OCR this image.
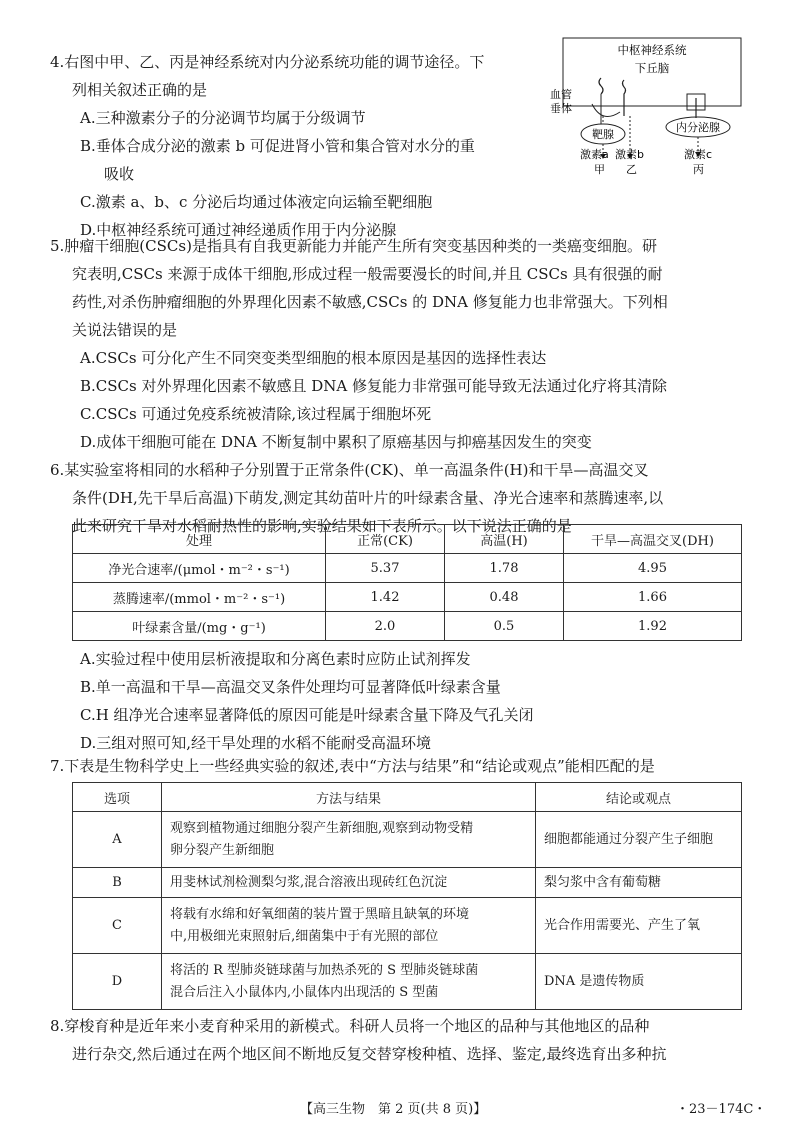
4.右图中甲、乙、丙是神经系统对内分泌系统功能的调节途径。下

列相关叙述正确的是

A.三种激素分子的分泌调节均属于分级调节

B.垂体合成分泌的激素 b 可促进肾小管和集合管对水分的重

吸收

C.激素 a、b、c 分泌后均通过体液定向运输至靶细胞

D.中枢神经系统可通过神经递质作用于内分泌腺

中枢神经系统
下丘脑
血管
垂体
靶腺
激素a
甲
激素b
乙
内分泌腺
激素c
丙

5.肿瘤干细胞(CSCs)是指具有自我更新能力并能产生所有突变基因种类的一类癌变细胞。研

究表明,CSCs 来源于成体干细胞,形成过程一般需要漫长的时间,并且 CSCs 具有很强的耐

药性,对杀伤肿瘤细胞的外界理化因素不敏感,CSCs 的 DNA 修复能力也非常强大。下列相

关说法错误的是

A.CSCs 可分化产生不同突变类型细胞的根本原因是基因的选择性表达

B.CSCs 对外界理化因素不敏感且 DNA 修复能力非常强可能导致无法通过化疗将其清除

C.CSCs 可通过免疫系统被清除,该过程属于细胞坏死

D.成体干细胞可能在 DNA 不断复制中累积了原癌基因与抑癌基因发生的突变

6.某实验室将相同的水稻种子分别置于正常条件(CK)、单一高温条件(H)和干旱—高温交叉

条件(DH,先干旱后高温)下萌发,测定其幼苗叶片的叶绿素含量、净光合速率和蒸腾速率,以

此来研究干旱对水稻耐热性的影响,实验结果如下表所示。以下说法正确的是

处理	正常(CK)	高温(H)	干旱—高温交叉(DH)
净光合速率/(μmol・m⁻²・s⁻¹)	5.37	1.78	4.95
蒸腾速率/(mmol・m⁻²・s⁻¹)	1.42	0.48	1.66
叶绿素含量/(mg・g⁻¹)	2.0	0.5	1.92

A.实验过程中使用层析液提取和分离色素时应防止试剂挥发

B.单一高温和干旱—高温交叉条件处理均可显著降低叶绿素含量

C.H 组净光合速率显著降低的原因可能是叶绿素含量下降及气孔关闭

D.三组对照可知,经干旱处理的水稻不能耐受高温环境

7.下表是生物科学史上一些经典实验的叙述,表中“方法与结果”和“结论或观点”能相匹配的是

选项	方法与结果	结论或观点
A	观察到植物通过细胞分裂产生新细胞,观察到动物受精
卵分裂产生新细胞	细胞都能通过分裂产生子细胞
B	用斐林试剂检测梨匀浆,混合溶液出现砖红色沉淀	梨匀浆中含有葡萄糖
C	将载有水绵和好氧细菌的装片置于黑暗且缺氧的环境
中,用极细光束照射后,细菌集中于有光照的部位	光合作用需要光、产生了氧
D	将活的 R 型肺炎链球菌与加热杀死的 S 型肺炎链球菌
混合后注入小鼠体内,小鼠体内出现活的 S 型菌	DNA 是遗传物质

8.穿梭育种是近年来小麦育种采用的新模式。科研人员将一个地区的品种与其他地区的品种

进行杂交,然后通过在两个地区间不断地反复交替穿梭种植、选择、鉴定,最终选育出多种抗

【高三生物　第 2 页(共 8 页)】	・23－174C・
